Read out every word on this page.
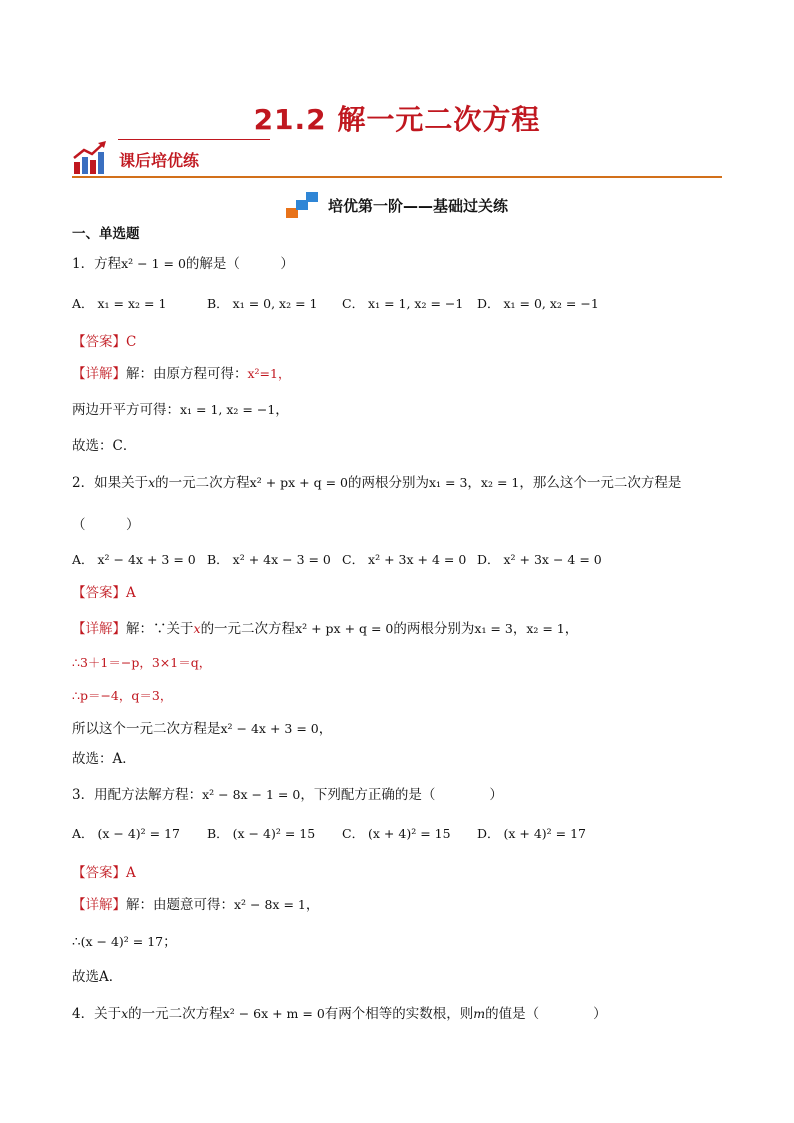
21.2 解一元二次方程
课后培优练
培优第一阶——基础过关练
一、单选题
1．方程x² − 1 = 0的解是（　　　）
A． x₁ = x₂ = 1	B． x₁ = 0, x₂ = 1 C． x₁ = 1, x₂ = −1 D． x₁ = 0, x₂ = −1
【答案】C
【详解】解：由原方程可得：x²=1，
两边开平方可得：x₁ = 1, x₂ = −1，
故选：C．
2．如果关于x的一元二次方程x² + px + q = 0的两根分别为x₁ = 3，x₂ = 1，那么这个一元二次方程是
（　　　）
A． x² − 4x + 3 = 0 B． x² + 4x − 3 = 0 C． x² + 3x + 4 = 0 D． x² + 3x − 4 = 0
【答案】A
【详解】解：∵关于x的一元二次方程x² + px + q = 0的两根分别为x₁ = 3，x₂ = 1，
∴3＋1＝−p，3×1＝q，
∴p＝−4，q＝3，
所以这个一元二次方程是x² − 4x + 3 = 0，
故选：A．
3．用配方法解方程：x² − 8x − 1 = 0，下列配方正确的是（　　　　）
A． (x − 4)² = 17 B． (x − 4)² = 15 C． (x + 4)² = 15 D． (x + 4)² = 17
【答案】A
【详解】解：由题意可得：x² − 8x = 1，
∴(x − 4)² = 17；
故选A．
4．关于x的一元二次方程x² − 6x + m = 0有两个相等的实数根，则m的值是（　　　　）
